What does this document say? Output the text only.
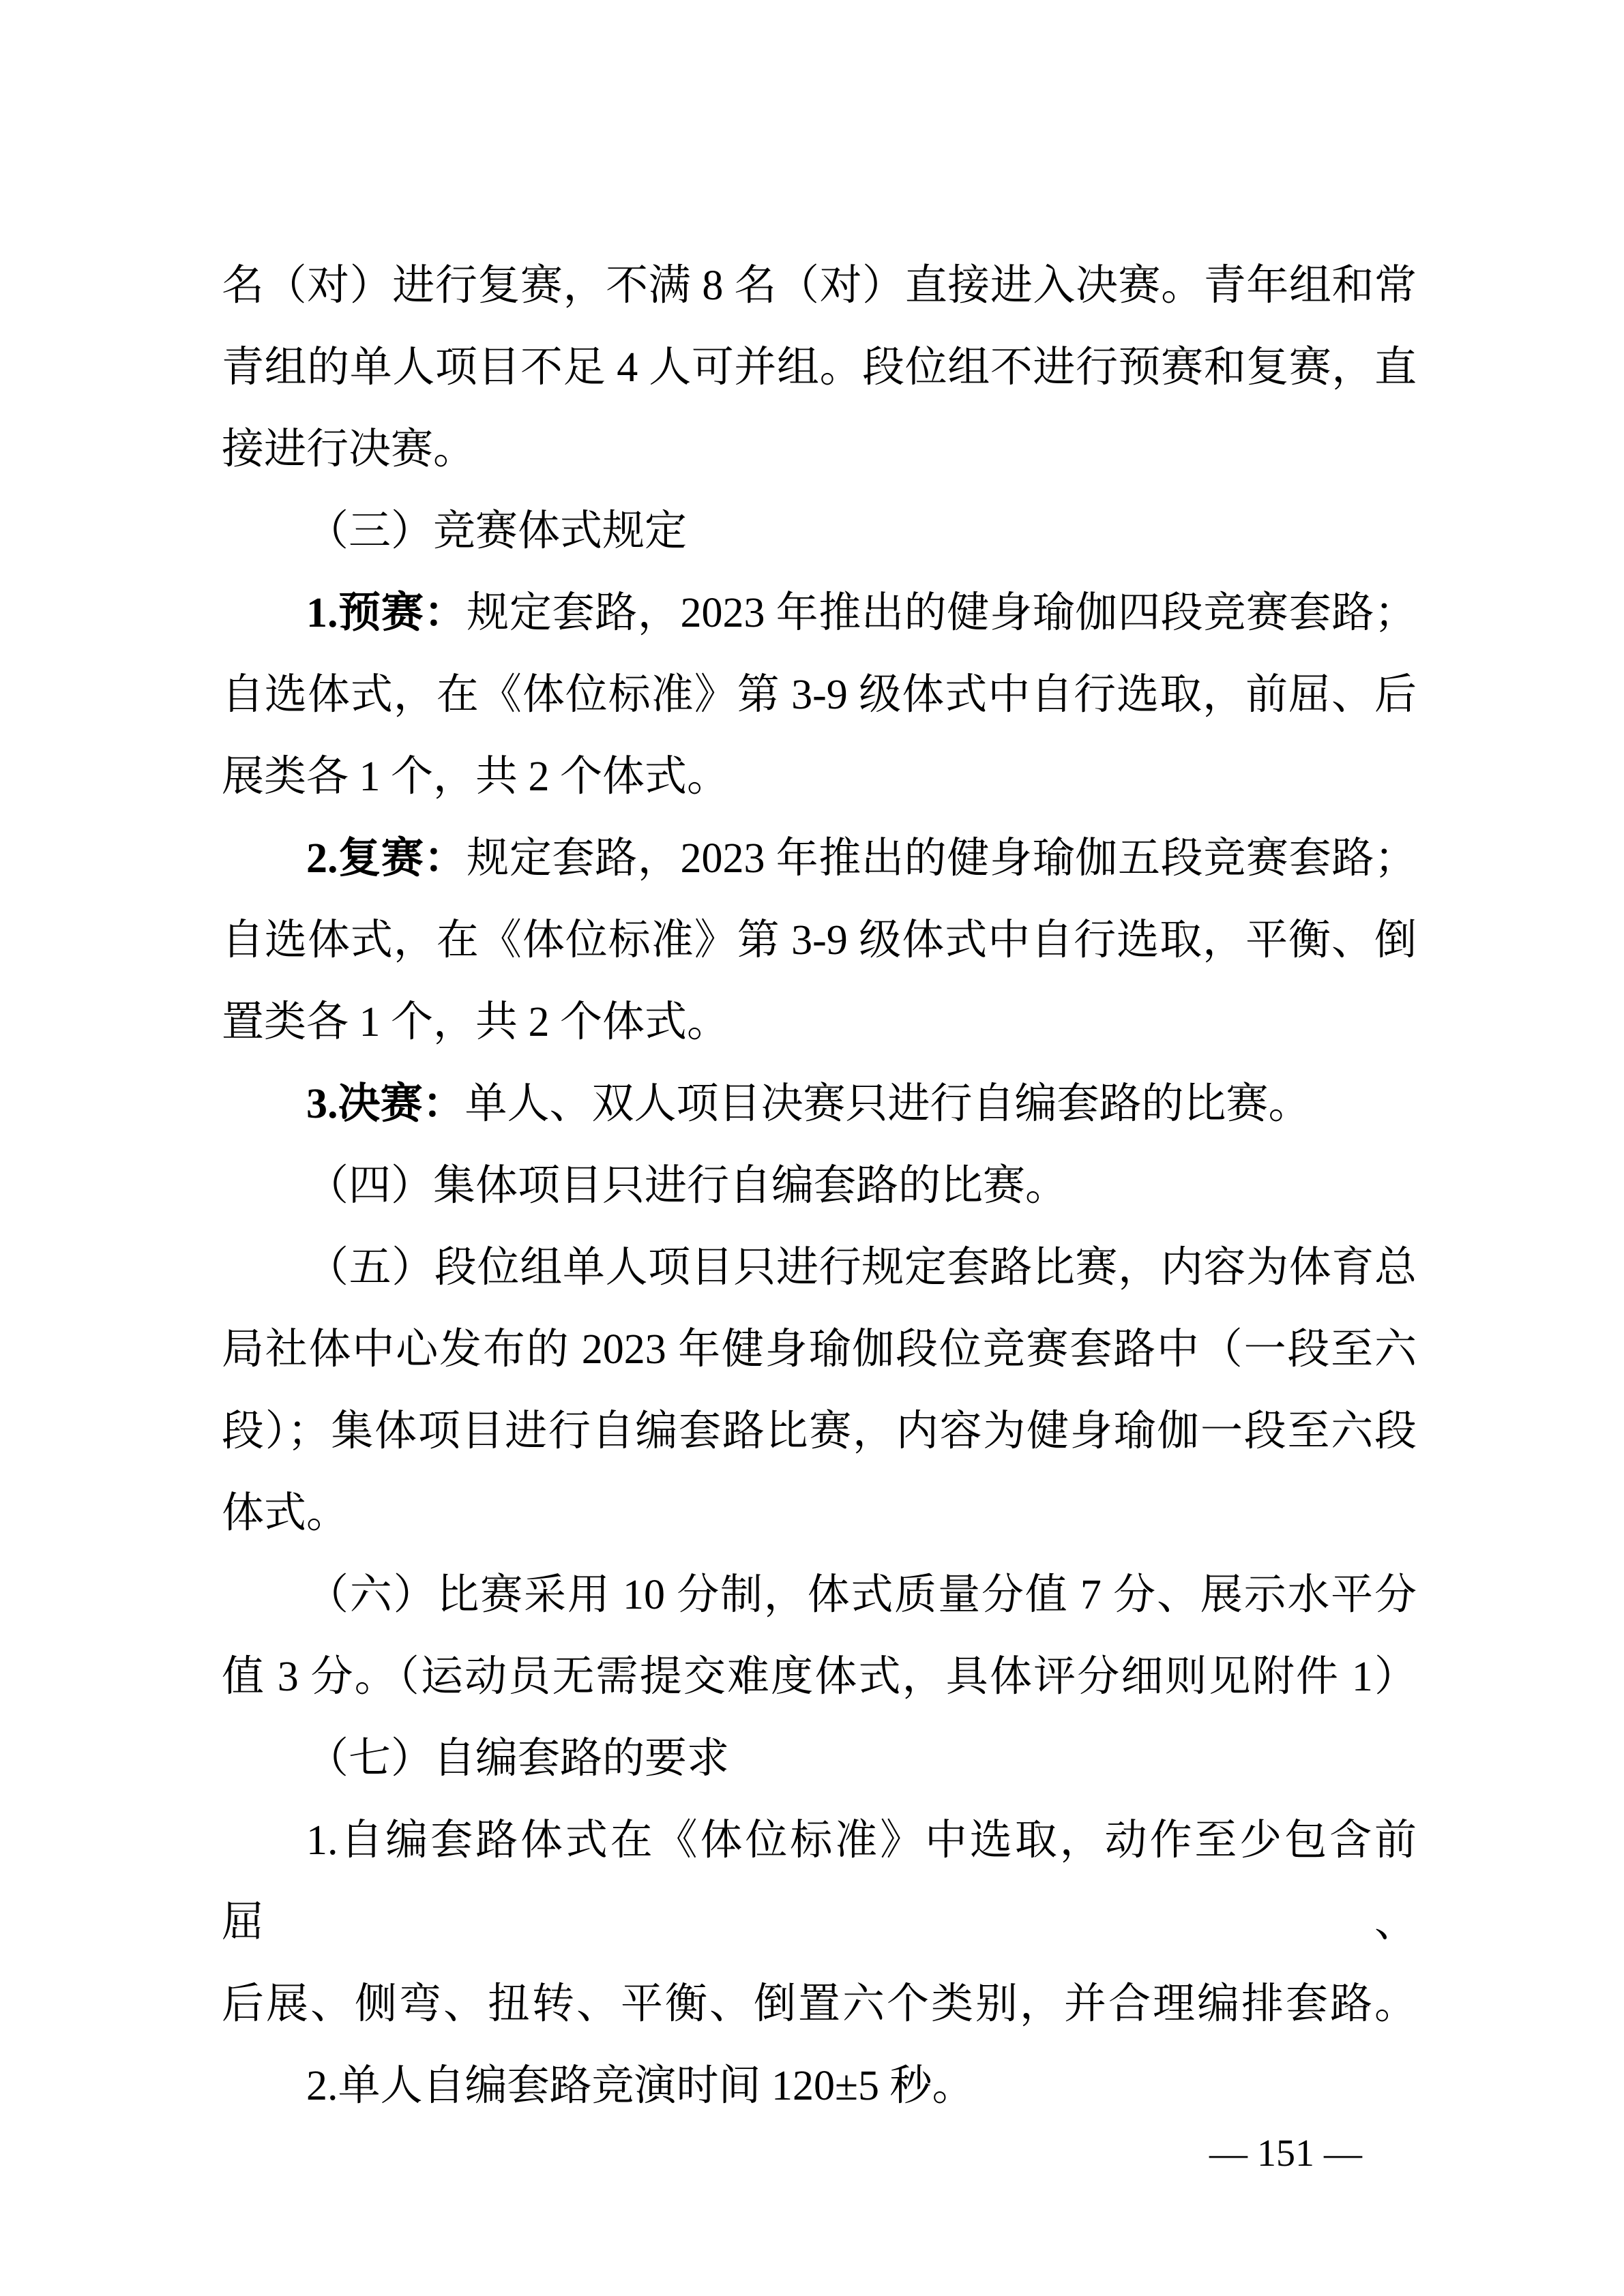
名（对）进行复赛，不满 8 名（对）直接进入决赛。青年组和常
青组的单人项目不足 4 人可并组。段位组不进行预赛和复赛，直
接进行决赛。
（三）竞赛体式规定
1.预赛：规定套路，2023 年推出的健身瑜伽四段竞赛套路；
自选体式，在《体位标准》第 3-9 级体式中自行选取，前屈、后
展类各 1 个，共 2 个体式。
2.复赛：规定套路，2023 年推出的健身瑜伽五段竞赛套路；
自选体式，在《体位标准》第 3-9 级体式中自行选取，平衡、倒
置类各 1 个，共 2 个体式。
3.决赛：单人、双人项目决赛只进行自编套路的比赛。
（四）集体项目只进行自编套路的比赛。
（五）段位组单人项目只进行规定套路比赛，内容为体育总
局社体中心发布的 2023 年健身瑜伽段位竞赛套路中（一段至六
段）；集体项目进行自编套路比赛，内容为健身瑜伽一段至六段
体式。
（六）比赛采用 10 分制，体式质量分值 7 分、展示水平分
值 3 分。（运动员无需提交难度体式，具体评分细则见附件 1）
（七）自编套路的要求
1.自编套路体式在《体位标准》中选取，动作至少包含前屈、
后展、侧弯、扭转、平衡、倒置六个类别，并合理编排套路。
2.单人自编套路竞演时间 120±5 秒。
— 151 —
